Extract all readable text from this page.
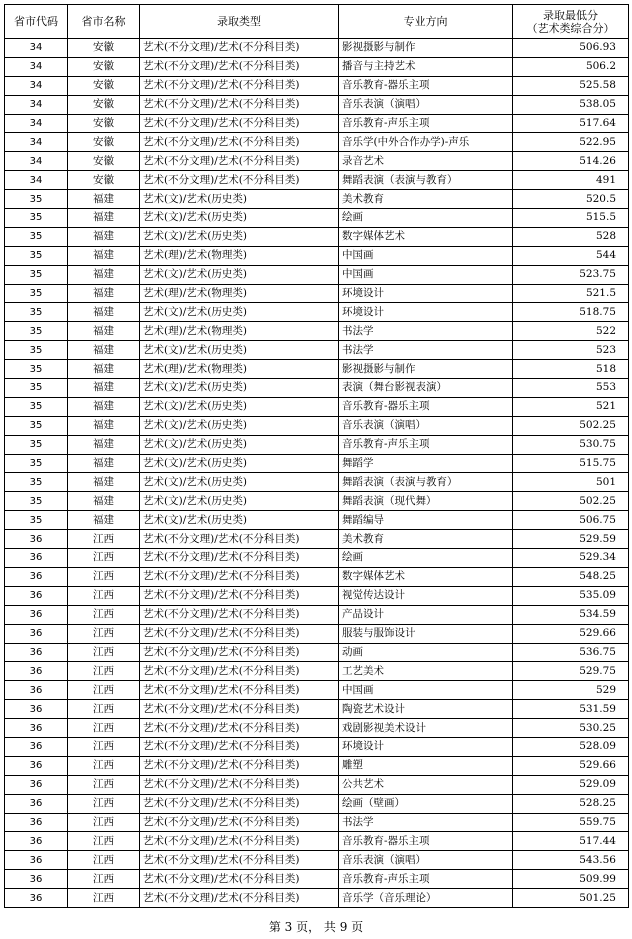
省市代码	省市名称	录取类型	专业方向	录取最低分
（艺术类综合分）

34	安徽	艺术(不分文理)/艺术(不分科目类)	影视摄影与制作	506.93
34	安徽	艺术(不分文理)/艺术(不分科目类)	播音与主持艺术	506.2
34	安徽	艺术(不分文理)/艺术(不分科目类)	音乐教育-器乐主项	525.58
34	安徽	艺术(不分文理)/艺术(不分科目类)	音乐表演（演唱）	538.05
34	安徽	艺术(不分文理)/艺术(不分科目类)	音乐教育-声乐主项	517.64
34	安徽	艺术(不分文理)/艺术(不分科目类)	音乐学(中外合作办学)-声乐	522.95
34	安徽	艺术(不分文理)/艺术(不分科目类)	录音艺术	514.26
34	安徽	艺术(不分文理)/艺术(不分科目类)	舞蹈表演（表演与教育）	491
35	福建	艺术(文)/艺术(历史类)	美术教育	520.5
35	福建	艺术(文)/艺术(历史类)	绘画	515.5
35	福建	艺术(文)/艺术(历史类)	数字媒体艺术	528
35	福建	艺术(理)/艺术(物理类)	中国画	544
35	福建	艺术(文)/艺术(历史类)	中国画	523.75
35	福建	艺术(理)/艺术(物理类)	环境设计	521.5
35	福建	艺术(文)/艺术(历史类)	环境设计	518.75
35	福建	艺术(理)/艺术(物理类)	书法学	522
35	福建	艺术(文)/艺术(历史类)	书法学	523
35	福建	艺术(理)/艺术(物理类)	影视摄影与制作	518
35	福建	艺术(文)/艺术(历史类)	表演（舞台影视表演）	553
35	福建	艺术(文)/艺术(历史类)	音乐教育-器乐主项	521
35	福建	艺术(文)/艺术(历史类)	音乐表演（演唱）	502.25
35	福建	艺术(文)/艺术(历史类)	音乐教育-声乐主项	530.75
35	福建	艺术(文)/艺术(历史类)	舞蹈学	515.75
35	福建	艺术(文)/艺术(历史类)	舞蹈表演（表演与教育）	501
35	福建	艺术(文)/艺术(历史类)	舞蹈表演（现代舞）	502.25
35	福建	艺术(文)/艺术(历史类)	舞蹈编导	506.75
36	江西	艺术(不分文理)/艺术(不分科目类)	美术教育	529.59
36	江西	艺术(不分文理)/艺术(不分科目类)	绘画	529.34
36	江西	艺术(不分文理)/艺术(不分科目类)	数字媒体艺术	548.25
36	江西	艺术(不分文理)/艺术(不分科目类)	视觉传达设计	535.09
36	江西	艺术(不分文理)/艺术(不分科目类)	产品设计	534.59
36	江西	艺术(不分文理)/艺术(不分科目类)	服装与服饰设计	529.66
36	江西	艺术(不分文理)/艺术(不分科目类)	动画	536.75
36	江西	艺术(不分文理)/艺术(不分科目类)	工艺美术	529.75
36	江西	艺术(不分文理)/艺术(不分科目类)	中国画	529
36	江西	艺术(不分文理)/艺术(不分科目类)	陶瓷艺术设计	531.59
36	江西	艺术(不分文理)/艺术(不分科目类)	戏剧影视美术设计	530.25
36	江西	艺术(不分文理)/艺术(不分科目类)	环境设计	528.09
36	江西	艺术(不分文理)/艺术(不分科目类)	雕塑	529.66
36	江西	艺术(不分文理)/艺术(不分科目类)	公共艺术	529.09
36	江西	艺术(不分文理)/艺术(不分科目类)	绘画（壁画）	528.25
36	江西	艺术(不分文理)/艺术(不分科目类)	书法学	559.75
36	江西	艺术(不分文理)/艺术(不分科目类)	音乐教育-器乐主项	517.44
36	江西	艺术(不分文理)/艺术(不分科目类)	音乐表演（演唱）	543.56
36	江西	艺术(不分文理)/艺术(不分科目类)	音乐教育-声乐主项	509.99
36	江西	艺术(不分文理)/艺术(不分科目类)	音乐学（音乐理论）	501.25
第 3 页， 共 9 页
